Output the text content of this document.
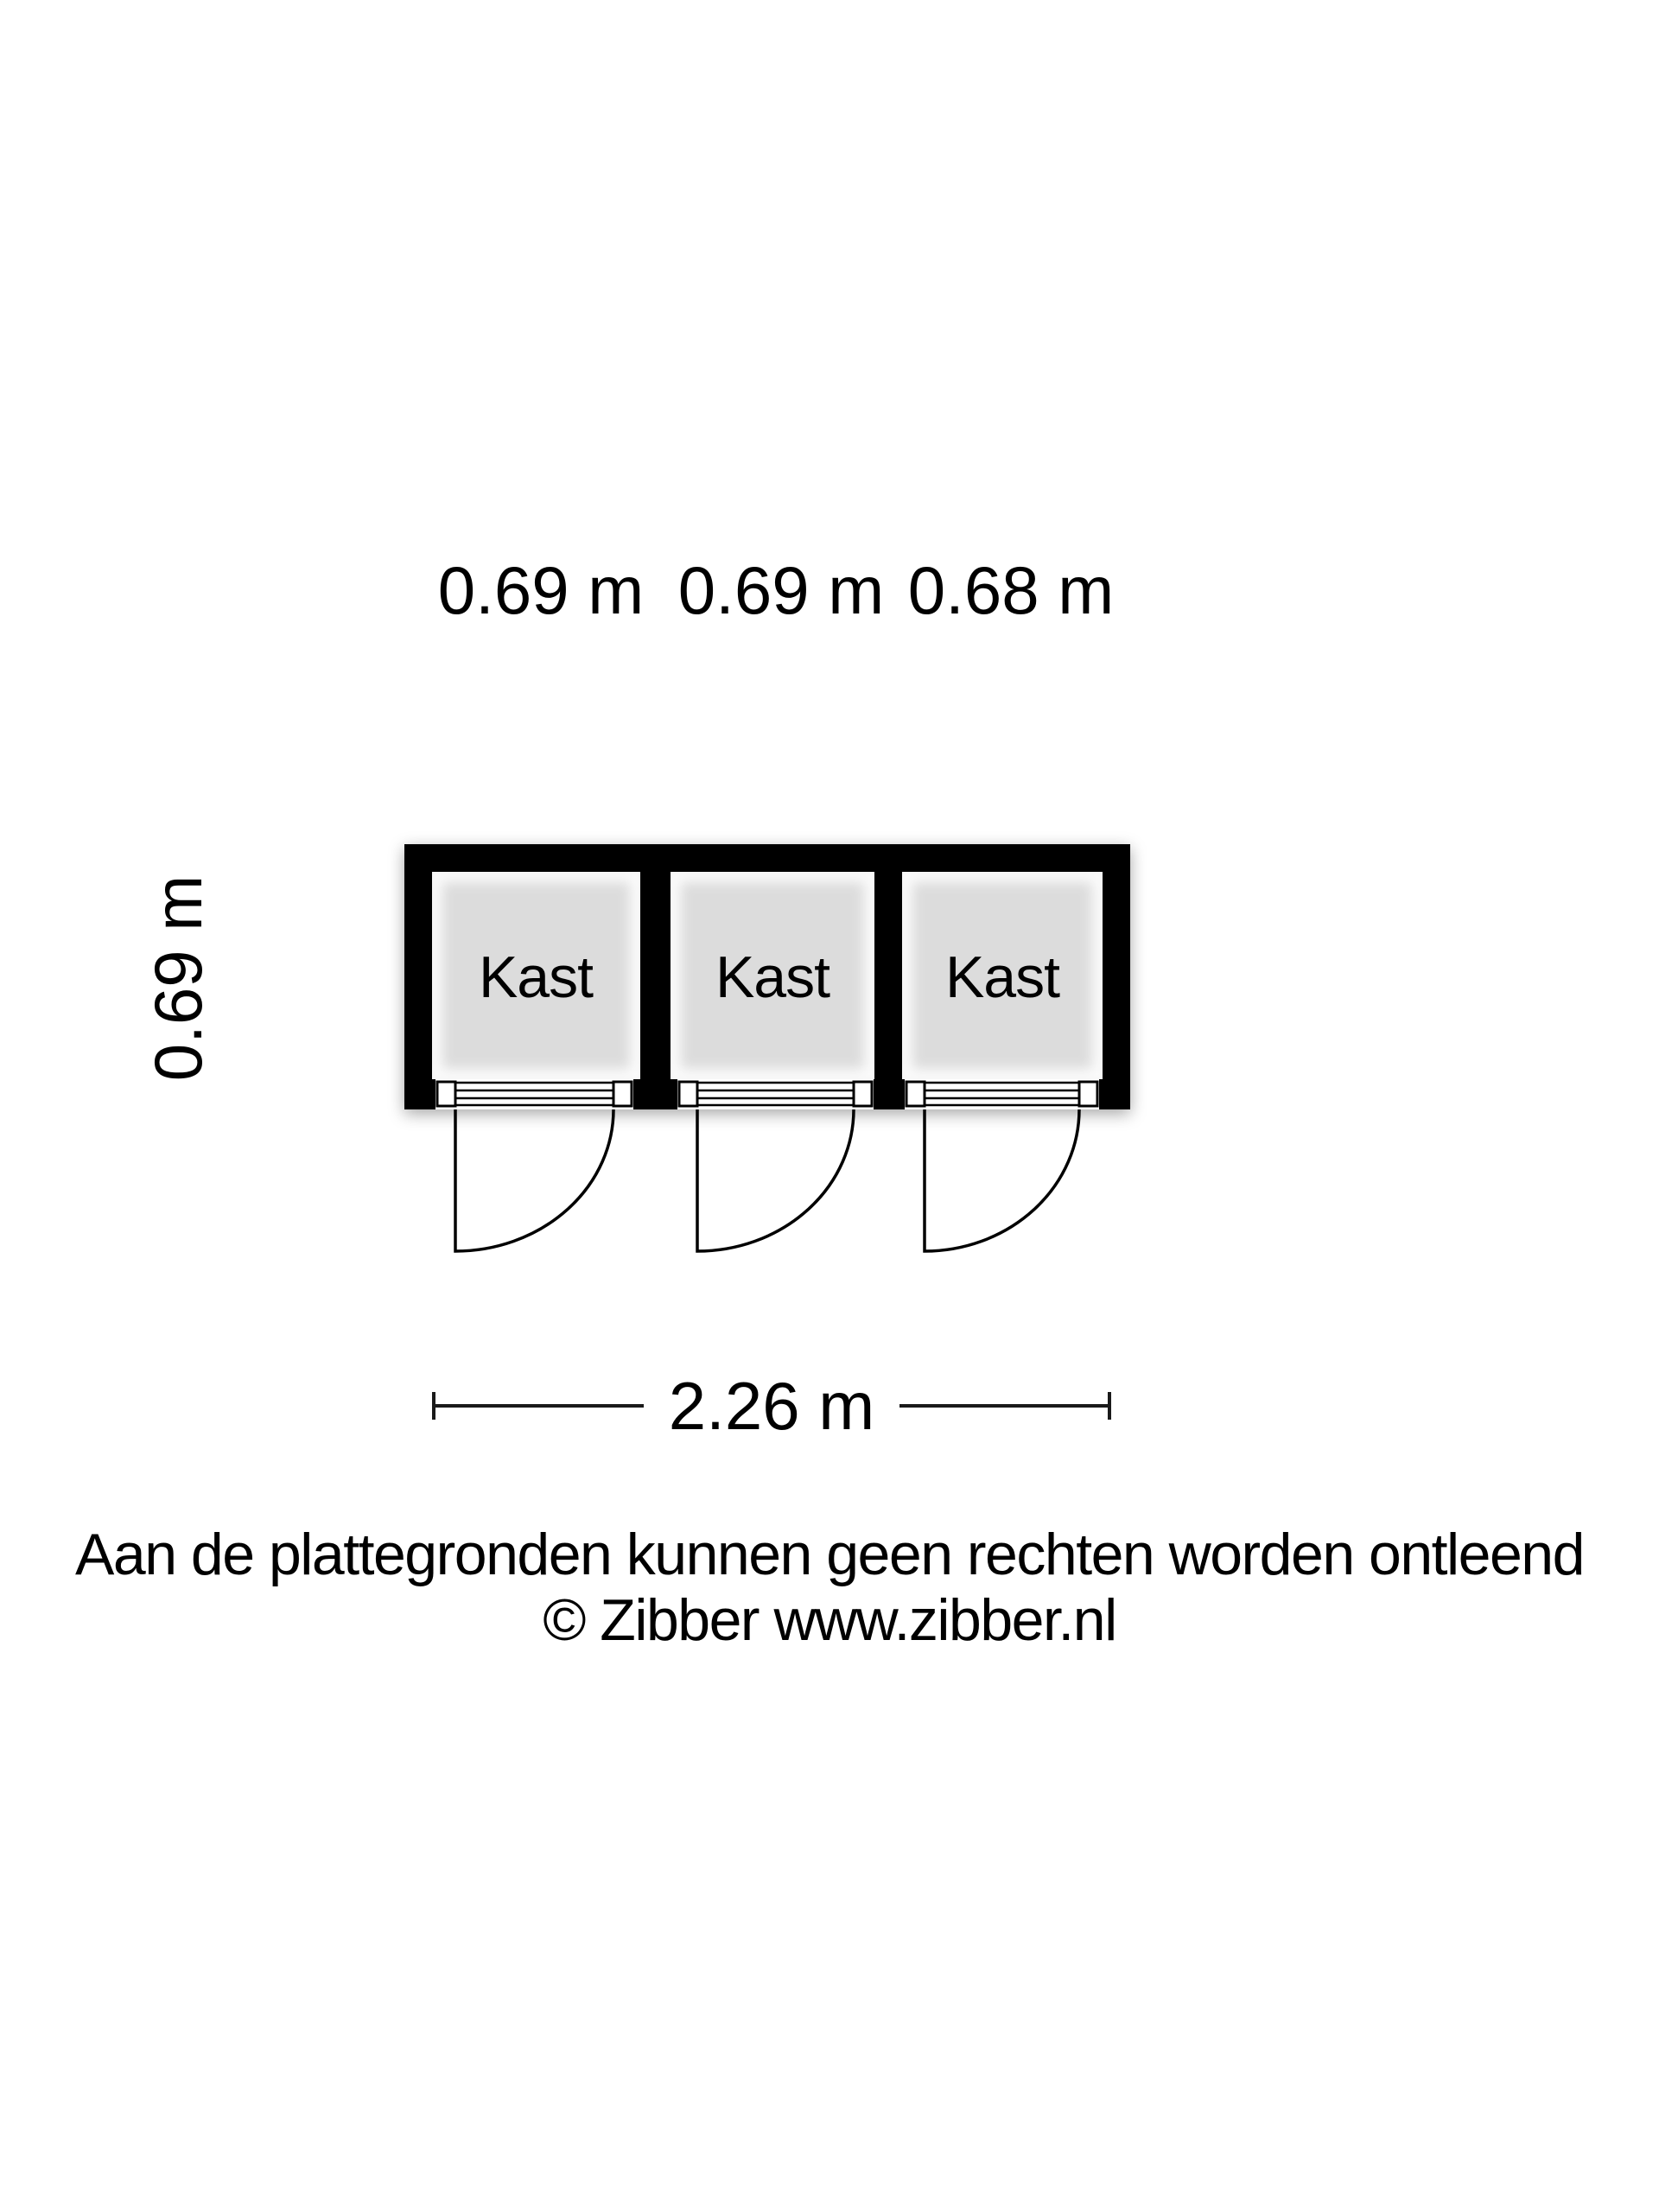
Kast Kast Kast
0.69 m 0.69 m 0.68 m
0.69 m
2.26 m
Aan de plattegronden kunnen geen rechten worden ontleend
© Zibber www.zibber.nl
